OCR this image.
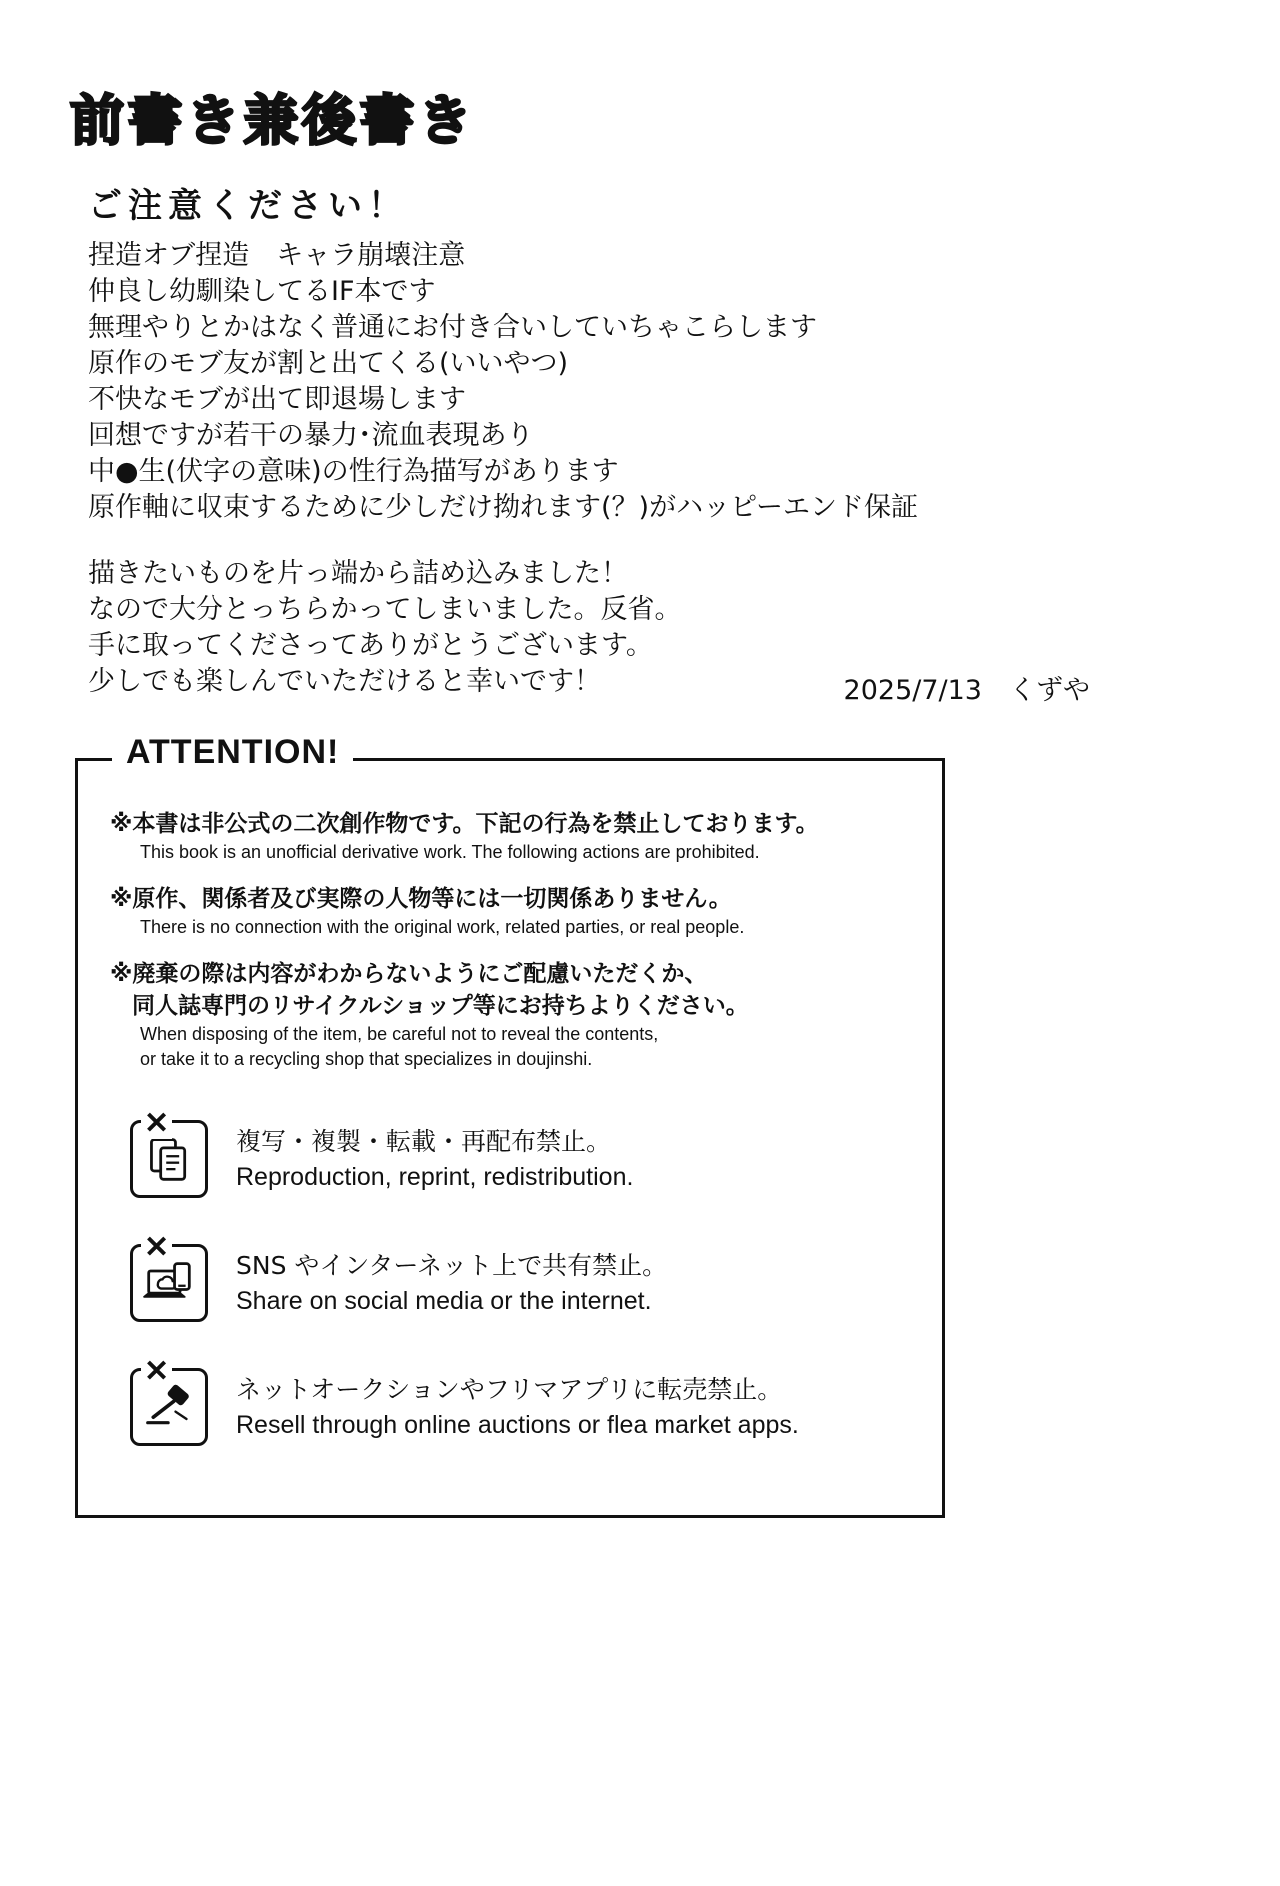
前書き兼後書き
ご注意ください！
捏造オブ捏造　キャラ崩壊注意
仲良し幼馴染してるIF本です
無理やりとかはなく普通にお付き合いしていちゃこらします
原作のモブ友が割と出てくる(いいやつ)
不快なモブが出て即退場します
回想ですが若干の暴力･流血表現あり
中●生(伏字の意味)の性行為描写があります
原作軸に収束するために少しだけ拗れます(？)がハッピーエンド保証
描きたいものを片っ端から詰め込みました！
なので大分とっちらかってしまいました。反省。
手に取ってくださってありがとうございます。
少しでも楽しんでいただけると幸いです！	2025/7/13　くずや
ATTENTION!
※本書は非公式の二次創作物です。下記の行為を禁止しております。
This book is an unofficial derivative work. The following actions are prohibited.
※原作、関係者及び実際の人物等には一切関係ありません。
There is no connection with the original work, related parties, or real people.
※廃棄の際は内容がわからないようにご配慮いただくか、
同人誌専門のリサイクルショップ等にお持ちよりください。
When disposing of the item, be careful not to reveal the contents,
or take it to a recycling shop that specializes in doujinshi.
✕
複写・複製・転載・再配布禁止。
Reproduction, reprint, redistribution.
✕
SNS やインターネット上で共有禁止。
Share on social media or the internet.
✕
ネットオークションやフリマアプリに転売禁止。
Resell through online auctions or flea market apps.
